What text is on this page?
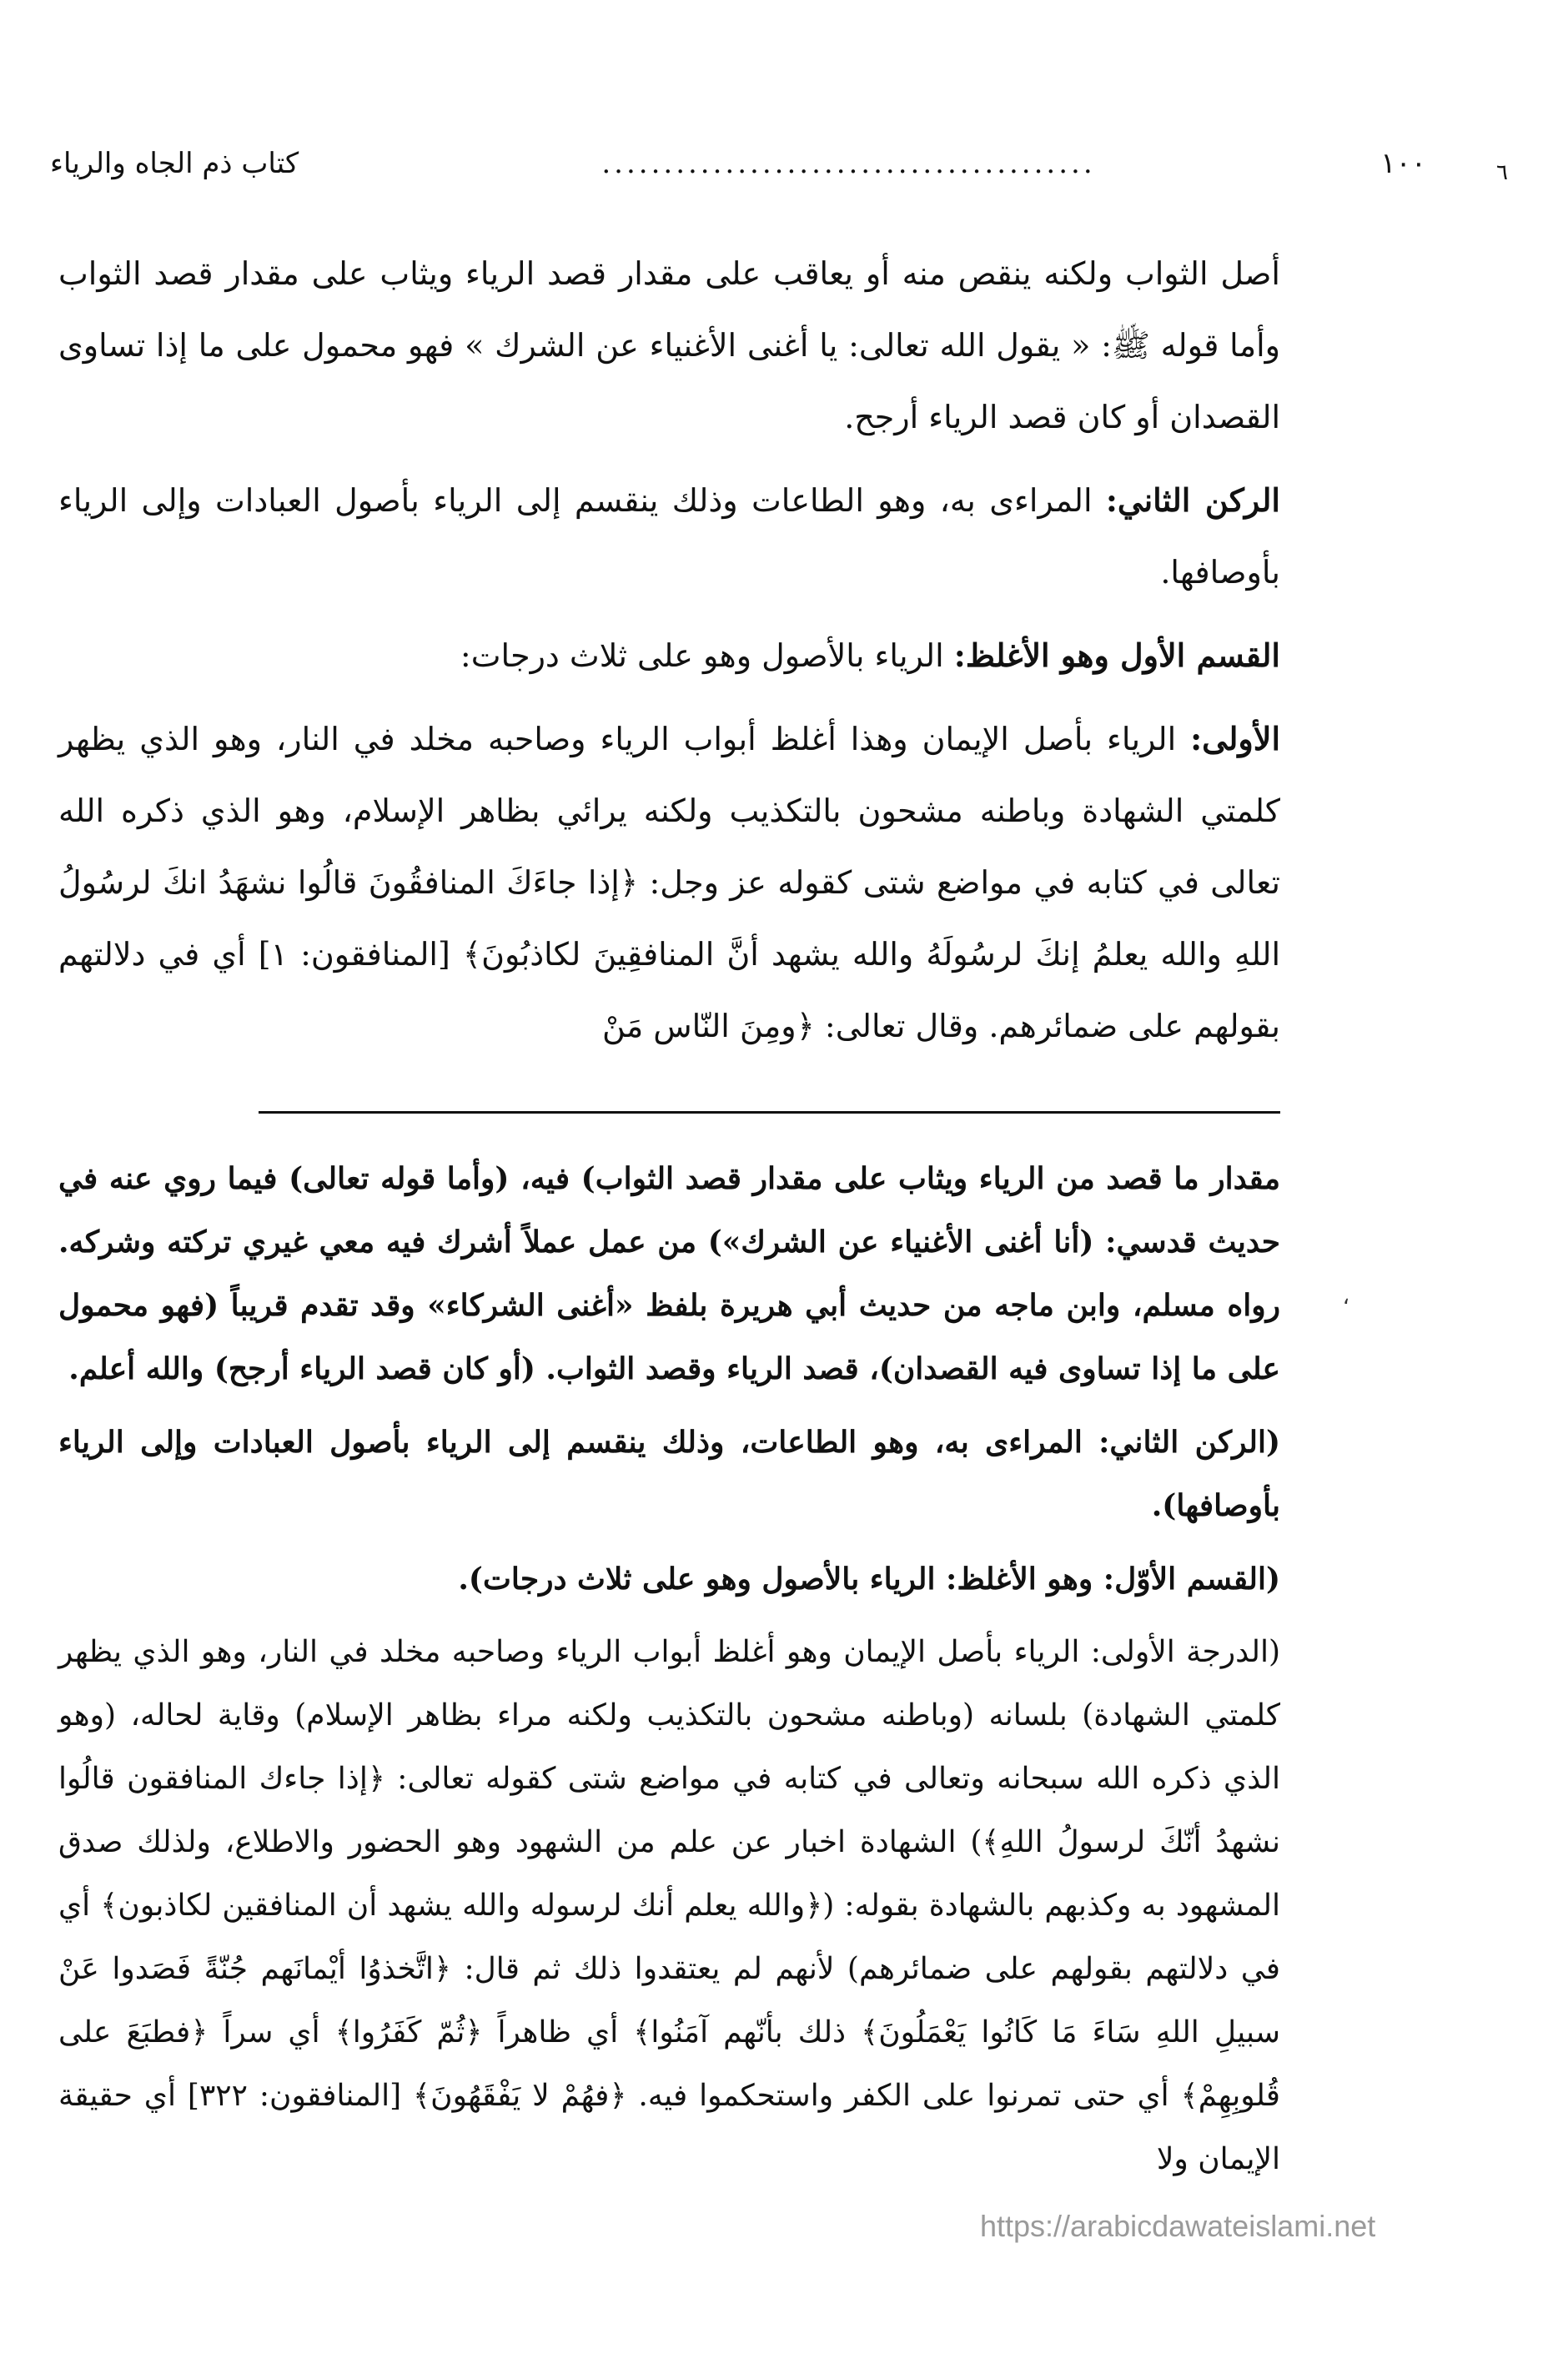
كتاب ذم الجاه والرياء	........................................	١٠٠	٦

أصل الثواب ولكنه ينقص منه أو يعاقب على مقدار قصد الرياء ويثاب على مقدار قصد الثواب وأما قوله ﷺ: « يقول الله تعالى: يا أغنى الأغنياء عن الشرك » فهو محمول على ما إذا تساوى القصدان أو كان قصد الرياء أرجح.

الركن الثاني: المراءى به، وهو الطاعات وذلك ينقسم إلى الرياء بأصول العبادات وإلى الرياء بأوصافها.

القسم الأول وهو الأغلظ: الرياء بالأصول وهو على ثلاث درجات:

الأولى: الرياء بأصل الإيمان وهذا أغلظ أبواب الرياء وصاحبه مخلد في النار، وهو الذي يظهر كلمتي الشهادة وباطنه مشحون بالتكذيب ولكنه يرائي بظاهر الإسلام، وهو الذي ذكره الله تعالى في كتابه في مواضع شتى كقوله عز وجل: ﴿إذا جاءَكَ المنافقُونَ قالُوا نشهَدُ انكَ لرسُولُ اللهِ والله يعلمُ إنكَ لرسُولَهُ والله يشهد أنَّ المنافقِينَ لكاذبُونَ﴾ [المنافقون: ١] أي في دلالتهم بقولهم على ضمائرهم. وقال تعالى: ﴿ومِنَ النّاس مَنْ

،

مقدار ما قصد من الرياء ويثاب على مقدار قصد الثواب) فيه، (وأما قوله تعالى) فيما روي عنه في حديث قدسي: (أنا أغنى الأغنياء عن الشرك») من عمل عملاً أشرك فيه معي غيري تركته وشركه. رواه مسلم، وابن ماجه من حديث أبي هريرة بلفظ «أغنى الشركاء» وقد تقدم قريباً (فهو محمول على ما إذا تساوى فيه القصدان)، قصد الرياء وقصد الثواب. (أو كان قصد الرياء أرجح) والله أعلم.

(الركن الثاني: المراءى به، وهو الطاعات، وذلك ينقسم إلى الرياء بأصول العبادات وإلى الرياء بأوصافها).

(القسم الأوّل: وهو الأغلظ: الرياء بالأصول وهو على ثلاث درجات).

(الدرجة الأولى: الرياء بأصل الإيمان وهو أغلظ أبواب الرياء وصاحبه مخلد في النار، وهو الذي يظهر كلمتي الشهادة) بلسانه (وباطنه مشحون بالتكذيب ولكنه مراء بظاهر الإسلام) وقاية لحاله، (وهو الذي ذكره الله سبحانه وتعالى في كتابه في مواضع شتى كقوله تعالى: ﴿إذا جاءك المنافقون قالُوا نشهدُ أنّكَ لرسولُ اللهِ﴾) الشهادة اخبار عن علم من الشهود وهو الحضور والاطلاع، ولذلك صدق المشهود به وكذبهم بالشهادة بقوله: (﴿والله يعلم أنك لرسوله والله يشهد أن المنافقين لكاذبون﴾ أي في دلالتهم بقولهم على ضمائرهم) لأنهم لم يعتقدوا ذلك ثم قال: ﴿اتَّخذوُا أيْمانَهم جُنّةً فَصَدوا عَنْ سبيلِ اللهِ سَاءَ مَا كَانُوا يَعْمَلُونَ﴾ ذلك بأنّهم آمَنُوا﴾ أي ظاهراً ﴿ثُمّ كَفَرُوا﴾ أي سراً ﴿فطبَعَ على قُلوبِهِمْ﴾ أي حتى تمرنوا على الكفر واستحكموا فيه. ﴿فهُمْ لا يَفْقَهُونَ﴾ [المنافقون: ٣٢٢] أي حقيقة الإيمان ولا

https://arabicdawateislami.net
